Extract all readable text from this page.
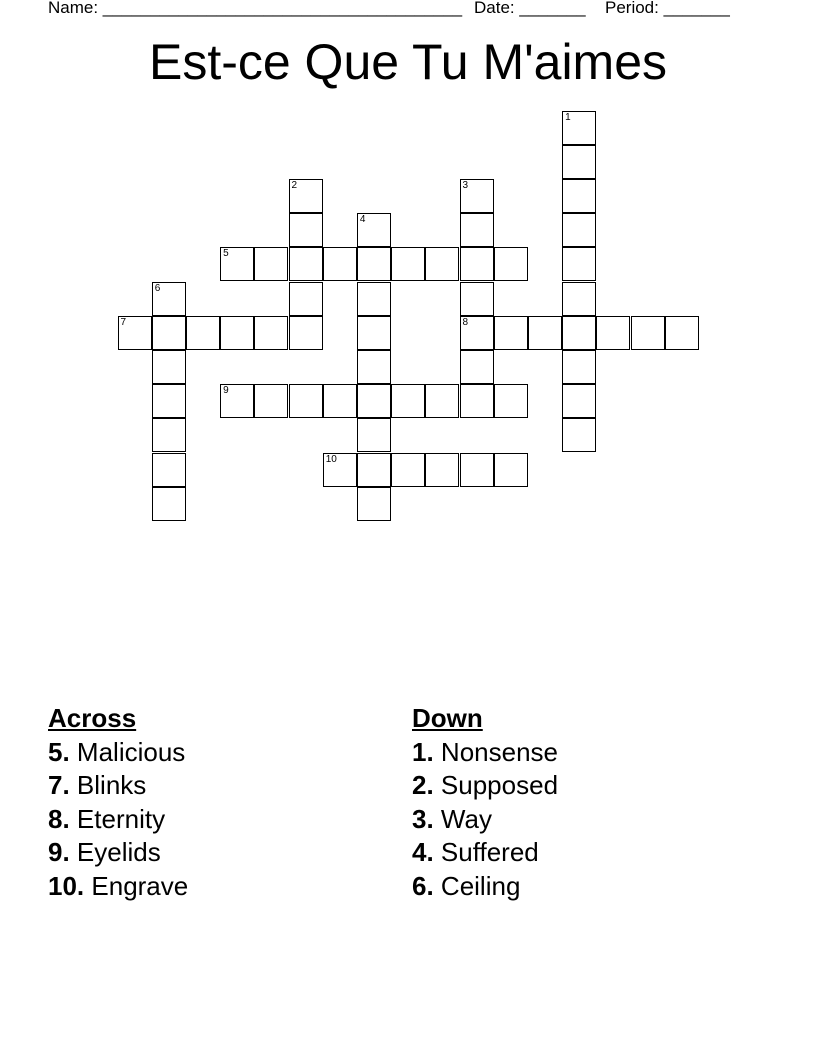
Name: ______________________________________ Date: _______ Period: _______
Est-ce Que Tu M'aimes
1
2	3
8
4
5
6
7
9
10
Across
5. Malicious
7. Blinks
8. Eternity
9. Eyelids
10. Engrave
Down
1. Nonsense
2. Supposed
3. Way
4. Suffered
6. Ceiling
